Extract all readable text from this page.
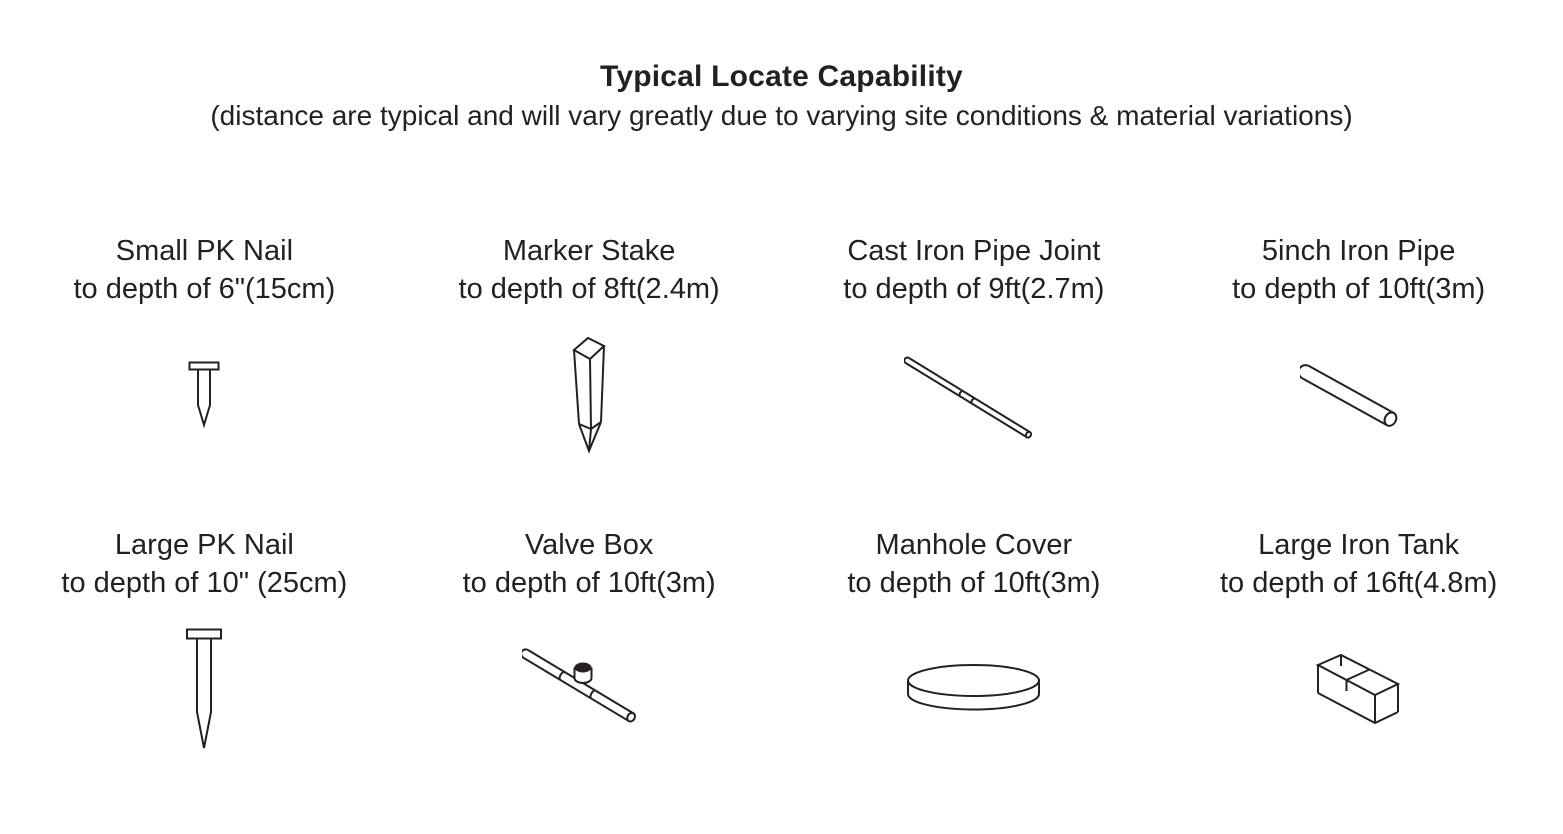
Typical Locate Capability
(distance are typical and will vary greatly due to varying site conditions & material variations)
Small PK Nail
to depth of 6"(15cm)
Marker Stake
to depth of 8ft(2.4m)
Cast Iron Pipe Joint
to depth of 9ft(2.7m)
5inch Iron Pipe
to depth of 10ft(3m)
Large PK Nail
to depth of 10" (25cm)
Valve Box
to depth of 10ft(3m)
Manhole Cover
to depth of 10ft(3m)
Large Iron Tank
to depth of 16ft(4.8m)
